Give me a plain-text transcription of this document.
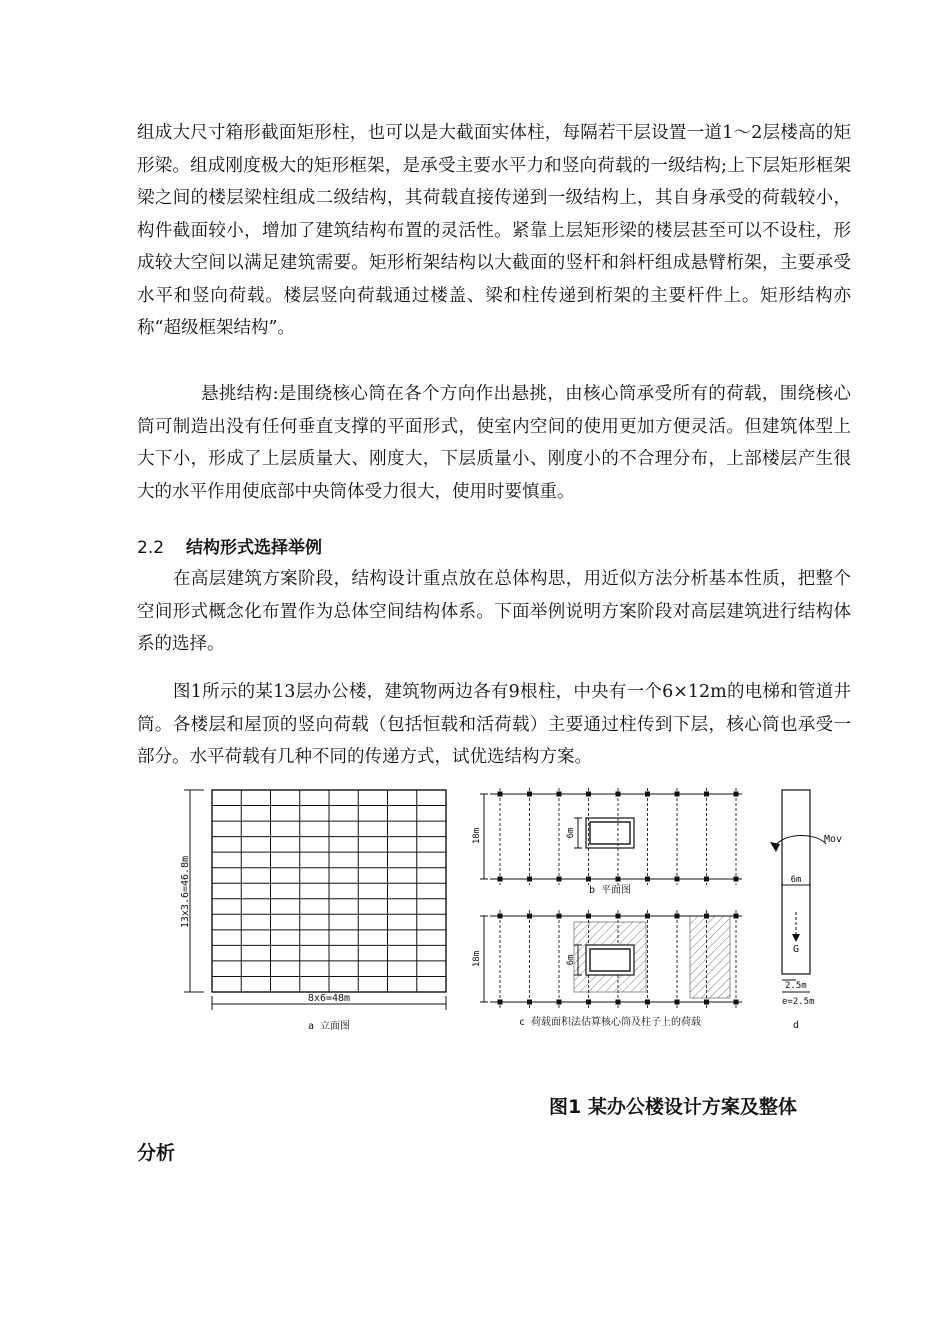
组成大尺寸箱形截面矩形柱，也可以是大截面实体柱，每隔若干层设置一道1～2层楼高的矩形梁。组成刚度极大的矩形框架，是承受主要水平力和竖向荷载的一级结构;上下层矩形框架梁之间的楼层梁柱组成二级结构，其荷载直接传递到一级结构上，其自身承受的荷载较小，构件截面较小，增加了建筑结构布置的灵活性。紧靠上层矩形梁的楼层甚至可以不设柱，形成较大空间以满足建筑需要。矩形桁架结构以大截面的竖杆和斜杆组成悬臂桁架，主要承受水平和竖向荷载。楼层竖向荷载通过楼盖、梁和柱传递到桁架的主要杆件上。矩形结构亦称“超级框架结构”。

悬挑结构:是围绕核心筒在各个方向作出悬挑，由核心筒承受所有的荷载，围绕核心筒可制造出没有任何垂直支撑的平面形式，使室内空间的使用更加方便灵活。但建筑体型上大下小，形成了上层质量大、刚度大，下层质量小、刚度小的不合理分布，上部楼层产生很大的水平作用使底部中央筒体受力很大，使用时要慎重。

2.2 结构形式选择举例

在高层建筑方案阶段，结构设计重点放在总体构思，用近似方法分析基本性质，把整个空间形式概念化布置作为总体空间结构体系。下面举例说明方案阶段对高层建筑进行结构体系的选择。

图1所示的某13层办公楼，建筑物两边各有9根柱，中央有一个6×12m的电梯和管道井筒。各楼层和屋顶的竖向荷载（包括恒载和活荷载）主要通过柱传到下层，核心筒也承受一部分。水平荷载有几种不同的传递方式，试优选结构方案。

13x3.6=46.8m
8x6=48m
a 立面图
18m	6m
b 平面图
18m	6m
c 荷载面积法估算核心筒及柱子上的荷载
Mov
6m
G
2.5m
e=2.5m
d
图1 某办公楼设计方案及整体
分析
